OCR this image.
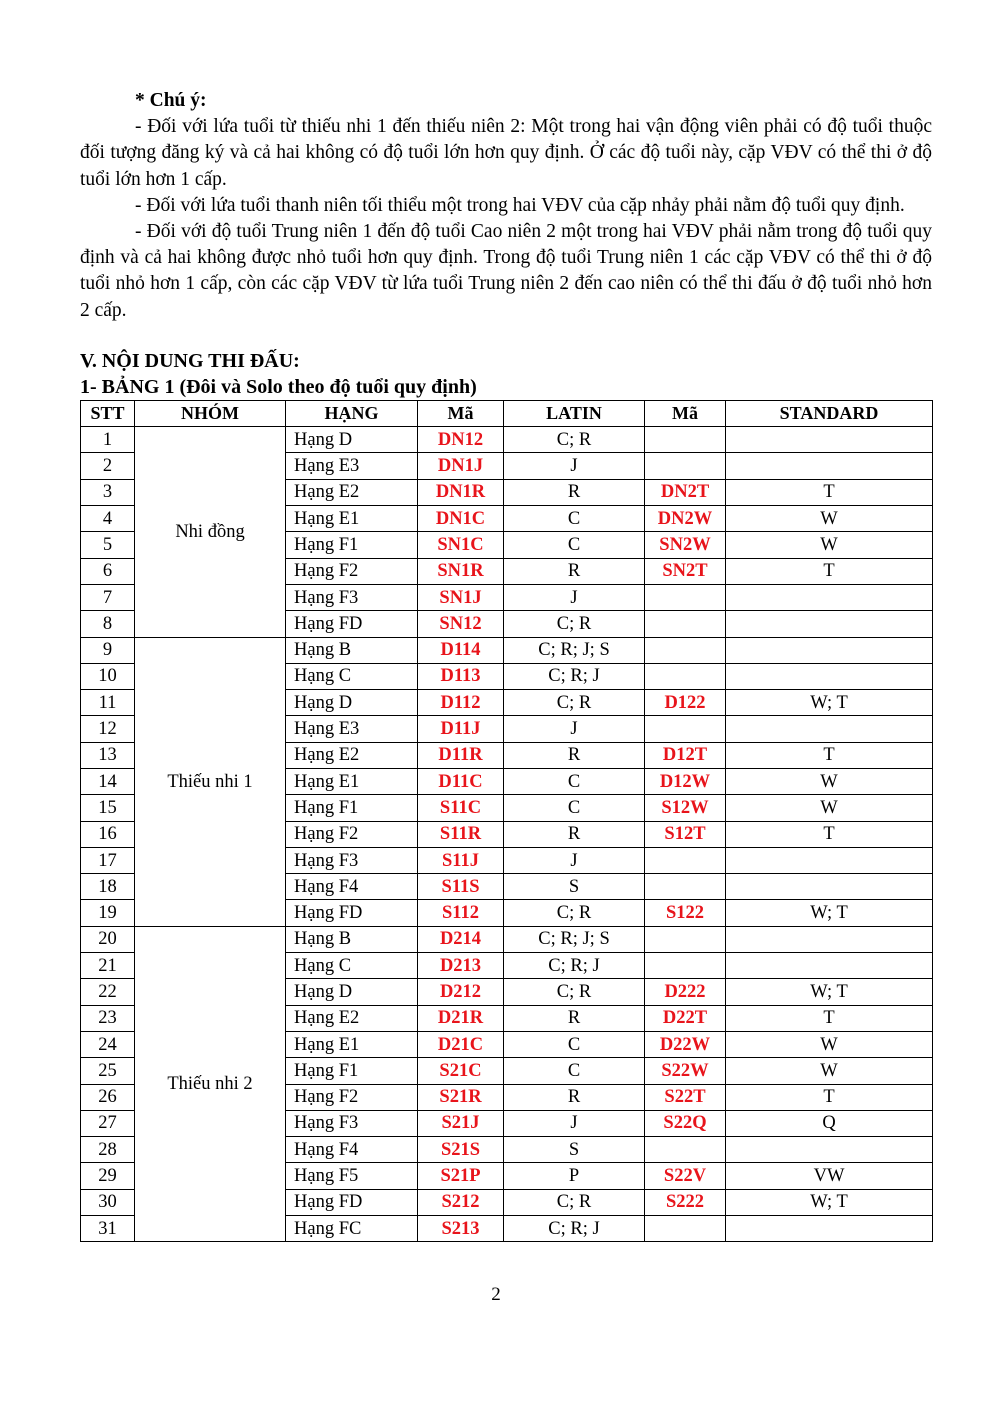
* Chú ý:

- Đối với lứa tuổi từ thiếu nhi 1 đến thiếu niên 2: Một trong hai vận động viên phải có độ tuổi thuộc đối tượng đăng ký và cả hai không có độ tuổi lớn hơn quy định. Ở các độ tuổi này, cặp VĐV có thể thi ở độ tuổi lớn hơn 1 cấp.

- Đối với lứa tuổi thanh niên tối thiểu một trong hai VĐV của cặp nhảy phải nằm độ tuổi quy định.

- Đối với độ tuổi Trung niên 1 đến độ tuổi Cao niên 2 một trong hai VĐV phải nằm trong độ tuổi quy định và cả hai không được nhỏ tuổi hơn quy định. Trong độ tuổi Trung niên 1 các cặp VĐV có thể thi ở độ tuổi nhỏ hơn 1 cấp, còn các cặp VĐV từ lứa tuổi Trung niên 2 đến cao niên có thể thi đấu ở độ tuổi nhỏ hơn 2 cấp.

V. NỘI DUNG THI ĐẤU:

1- BẢNG 1 (Đôi và Solo theo độ tuổi quy định)

STT	NHÓM	HẠNG	Mã	LATIN	Mã	STANDARD
1	Nhi đồng	Hạng D	DN12	C; R		
2		Hạng E3	DN1J	J		
3		Hạng E2	DN1R	R	DN2T	T
4		Hạng E1	DN1C	C	DN2W	W
5		Hạng F1	SN1C	C	SN2W	W
6		Hạng F2	SN1R	R	SN2T	T
7		Hạng F3	SN1J	J		
8		Hạng FD	SN12	C; R		
9	Thiếu nhi 1	Hạng B	D114	C; R; J; S		
10		Hạng C	D113	C; R; J		
11		Hạng D	D112	C; R	D122	W; T
12		Hạng E3	D11J	J		
13		Hạng E2	D11R	R	D12T	T
14		Hạng E1	D11C	C	D12W	W
15		Hạng F1	S11C	C	S12W	W
16		Hạng F2	S11R	R	S12T	T
17		Hạng F3	S11J	J		
18		Hạng F4	S11S	S		
19		Hạng FD	S112	C; R	S122	W; T
20	Thiếu nhi 2	Hạng B	D214	C; R; J; S		
21		Hạng C	D213	C; R; J		
22		Hạng D	D212	C; R	D222	W; T
23		Hạng E2	D21R	R	D22T	T
24		Hạng E1	D21C	C	D22W	W
25		Hạng F1	S21C	C	S22W	W
26		Hạng F2	S21R	R	S22T	T
27		Hạng F3	S21J	J	S22Q	Q
28		Hạng F4	S21S	S		
29		Hạng F5	S21P	P	S22V	VW
30		Hạng FD	S212	C; R	S222	W; T
31		Hạng FC	S213	C; R; J		
2
